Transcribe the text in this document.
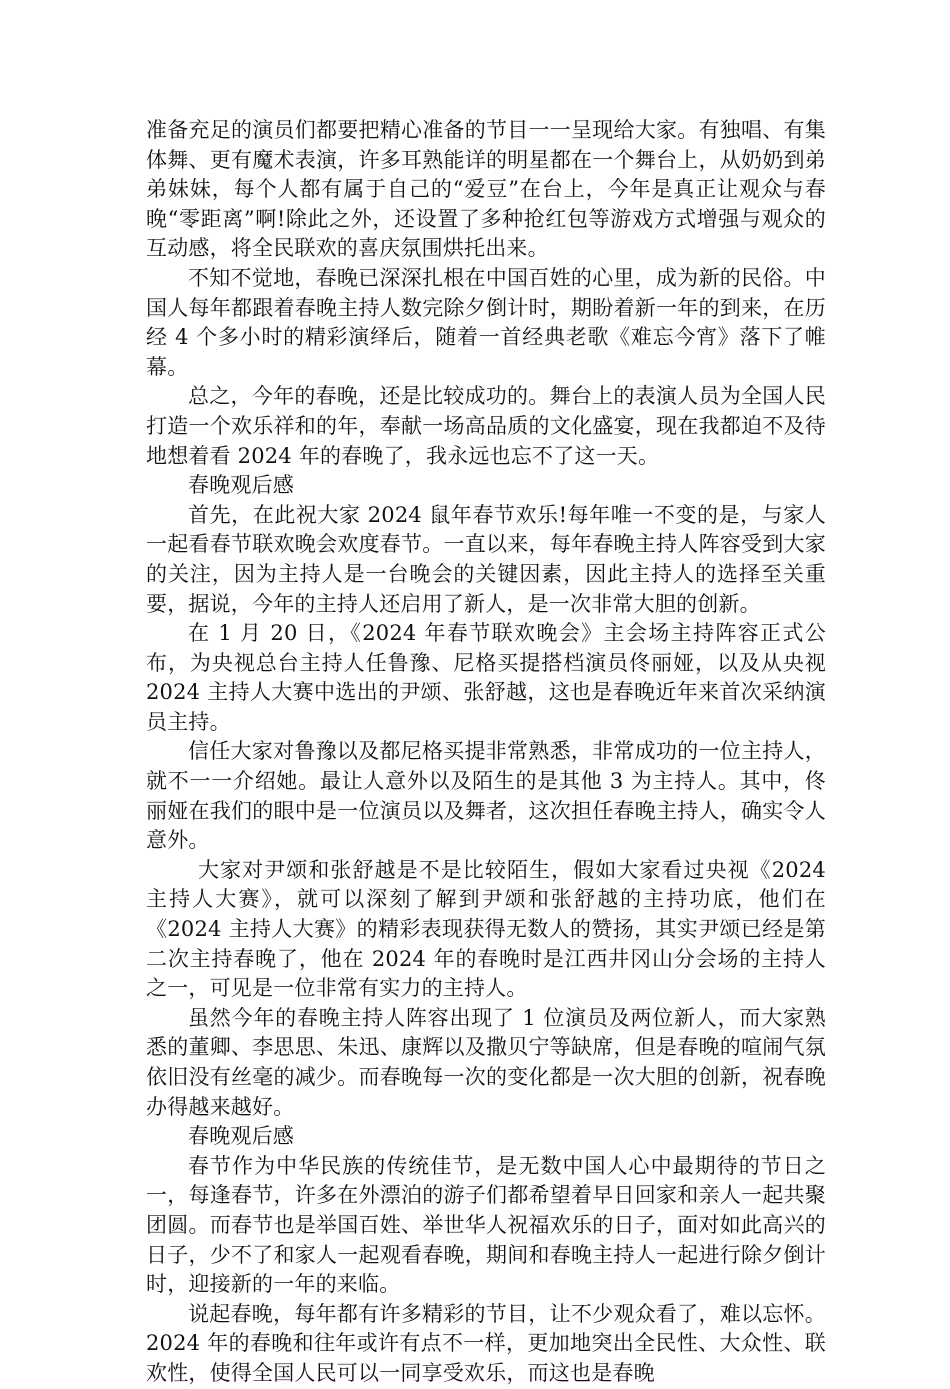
准备充足的演员们都要把精心准备的节目一一呈现给大家。有独唱、有集体舞、更有魔术表演，许多耳熟能详的明星都在一个舞台上，从奶奶到弟弟妹妹，每个人都有属于自己的“爱豆”在台上，今年是真正让观众与春晚“零距离”啊!除此之外，还设置了多种抢红包等游戏方式增强与观众的互动感，将全民联欢的喜庆氛围烘托出来。

不知不觉地，春晚已深深扎根在中国百姓的心里，成为新的民俗。中国人每年都跟着春晚主持人数完除夕倒计时，期盼着新一年的到来，在历经 4 个多小时的精彩演绎后，随着一首经典老歌《难忘今宵》落下了帷幕。

总之，今年的春晚，还是比较成功的。舞台上的表演人员为全国人民打造一个欢乐祥和的年，奉献一场高品质的文化盛宴，现在我都迫不及待地想着看 2024 年的春晚了，我永远也忘不了这一天。

春晚观后感

首先，在此祝大家 2024 鼠年春节欢乐!每年唯一不变的是，与家人一起看春节联欢晚会欢度春节。一直以来，每年春晚主持人阵容受到大家的关注，因为主持人是一台晚会的关键因素，因此主持人的选择至关重要，据说，今年的主持人还启用了新人，是一次非常大胆的创新。

在 1 月 20 日，《2024 年春节联欢晚会》主会场主持阵容正式公布，为央视总台主持人任鲁豫、尼格买提搭档演员佟丽娅，以及从央视 2024 主持人大赛中选出的尹颂、张舒越，这也是春晚近年来首次采纳演员主持。

信任大家对鲁豫以及都尼格买提非常熟悉，非常成功的一位主持人，就不一一介绍她。最让人意外以及陌生的是其他 3 为主持人。其中，佟丽娅在我们的眼中是一位演员以及舞者，这次担任春晚主持人，确实令人意外。

大家对尹颂和张舒越是不是比较陌生，假如大家看过央视《2024 主持人大赛》，就可以深刻了解到尹颂和张舒越的主持功底，他们在《2024 主持人大赛》的精彩表现获得无数人的赞扬，其实尹颂已经是第二次主持春晚了，他在 2024 年的春晚时是江西井冈山分会场的主持人之一，可见是一位非常有实力的主持人。

虽然今年的春晚主持人阵容出现了 1 位演员及两位新人，而大家熟悉的董卿、李思思、朱迅、康辉以及撒贝宁等缺席，但是春晚的喧闹气氛依旧没有丝毫的减少。而春晚每一次的变化都是一次大胆的创新，祝春晚办得越来越好。

春晚观后感

春节作为中华民族的传统佳节，是无数中国人心中最期待的节日之一，每逢春节，许多在外漂泊的游子们都希望着早日回家和亲人一起共聚团圆。而春节也是举国百姓、举世华人祝福欢乐的日子，面对如此高兴的日子，少不了和家人一起观看春晚，期间和春晚主持人一起进行除夕倒计时，迎接新的一年的来临。

说起春晚，每年都有许多精彩的节目，让不少观众看了，难以忘怀。2024 年的春晚和往年或许有点不一样，更加地突出全民性、大众性、联欢性，使得全国人民可以一同享受欢乐，而这也是春晚
